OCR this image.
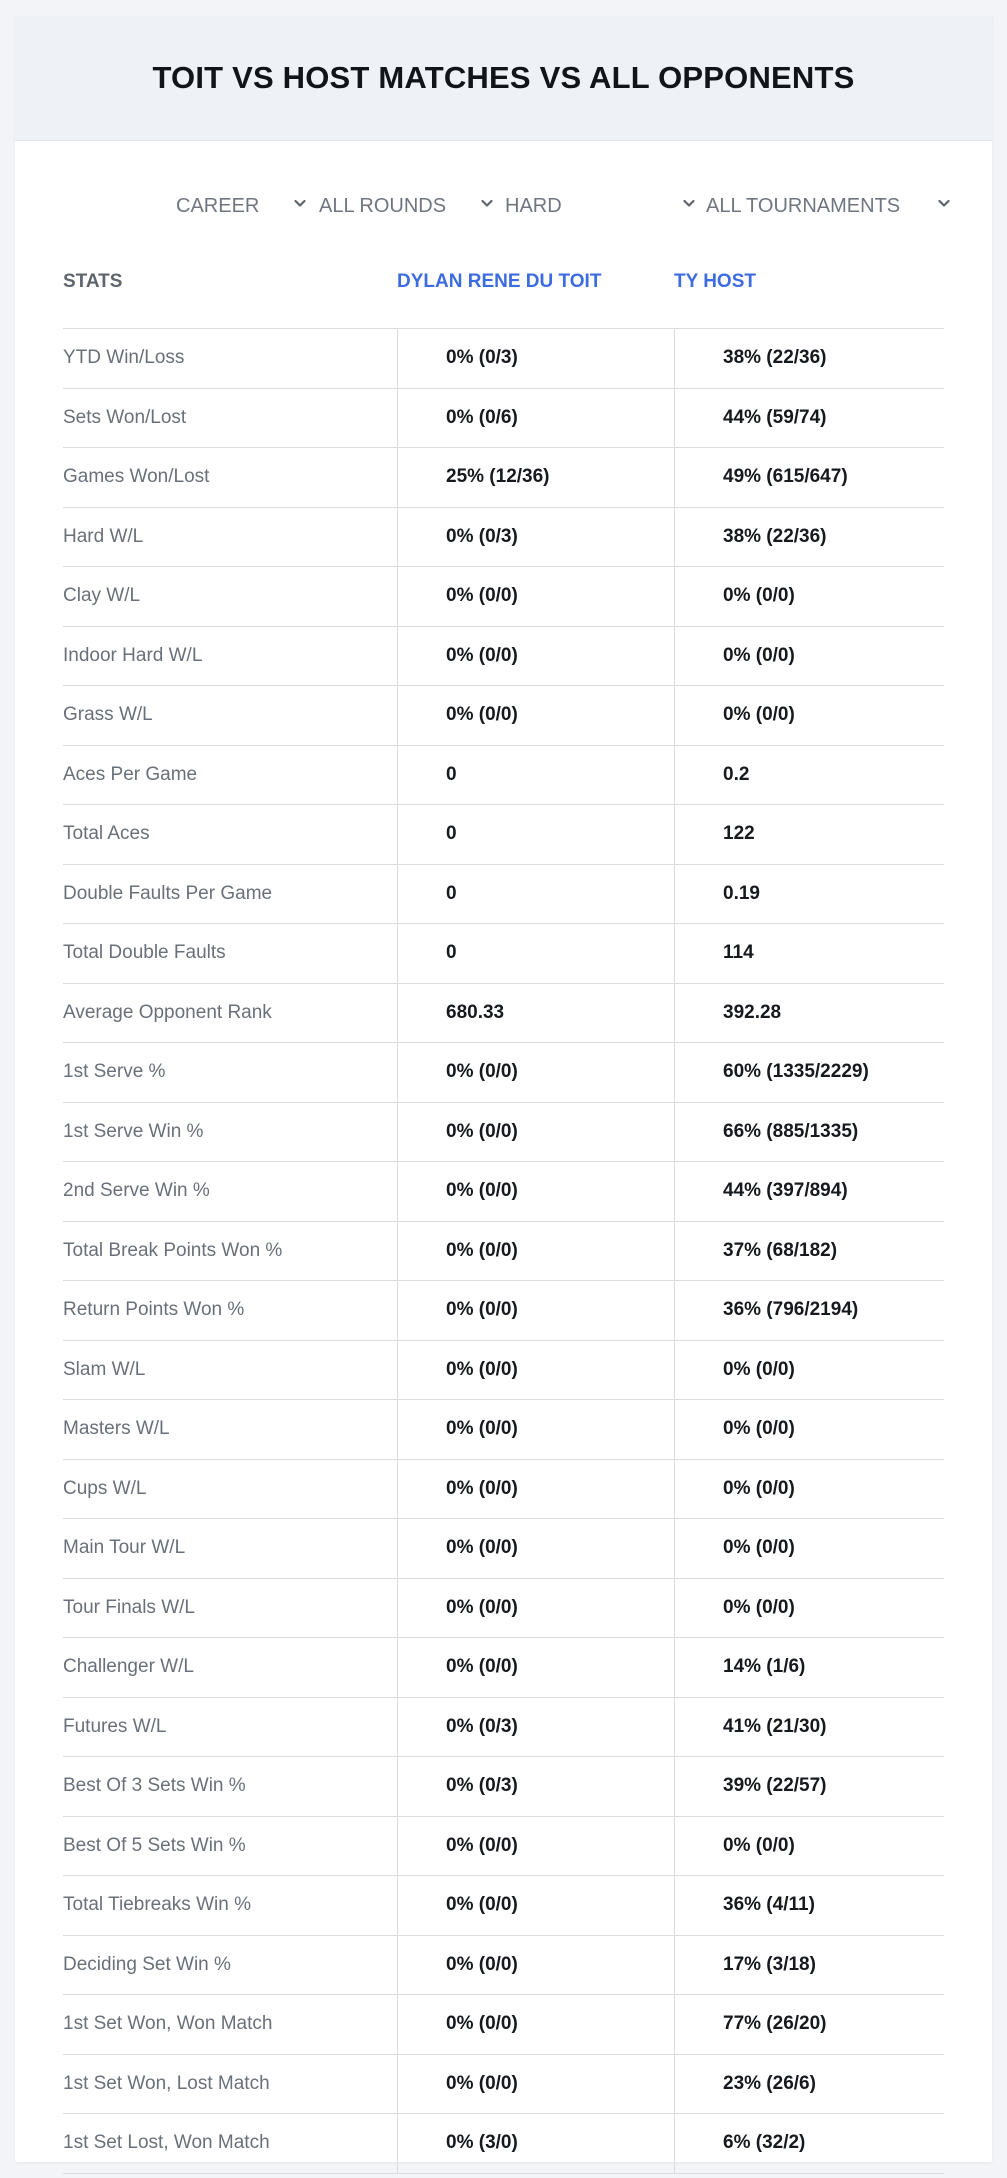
TOIT VS HOST MATCHES VS ALL OPPONENTS
CAREER	ALL ROUNDS	HARD	ALL TOURNAMENTS
STATS	DYLAN RENE DU TOIT	TY HOST
YTD Win/Loss	0% (0/3)	38% (22/36)
Sets Won/Lost	0% (0/6)	44% (59/74)
Games Won/Lost	25% (12/36)	49% (615/647)
Hard W/L	0% (0/3)	38% (22/36)
Clay W/L	0% (0/0)	0% (0/0)
Indoor Hard W/L	0% (0/0)	0% (0/0)
Grass W/L	0% (0/0)	0% (0/0)
Aces Per Game	0	0.2
Total Aces	0	122
Double Faults Per Game	0	0.19
Total Double Faults	0	114
Average Opponent Rank	680.33	392.28
1st Serve %	0% (0/0)	60% (1335/2229)
1st Serve Win %	0% (0/0)	66% (885/1335)
2nd Serve Win %	0% (0/0)	44% (397/894)
Total Break Points Won %	0% (0/0)	37% (68/182)
Return Points Won %	0% (0/0)	36% (796/2194)
Slam W/L	0% (0/0)	0% (0/0)
Masters W/L	0% (0/0)	0% (0/0)
Cups W/L	0% (0/0)	0% (0/0)
Main Tour W/L	0% (0/0)	0% (0/0)
Tour Finals W/L	0% (0/0)	0% (0/0)
Challenger W/L	0% (0/0)	14% (1/6)
Futures W/L	0% (0/3)	41% (21/30)
Best Of 3 Sets Win %	0% (0/3)	39% (22/57)
Best Of 5 Sets Win %	0% (0/0)	0% (0/0)
Total Tiebreaks Win %	0% (0/0)	36% (4/11)
Deciding Set Win %	0% (0/0)	17% (3/18)
1st Set Won, Won Match	0% (0/0)	77% (26/20)
1st Set Won, Lost Match	0% (0/0)	23% (26/6)
1st Set Lost, Won Match	0% (3/0)	6% (32/2)
